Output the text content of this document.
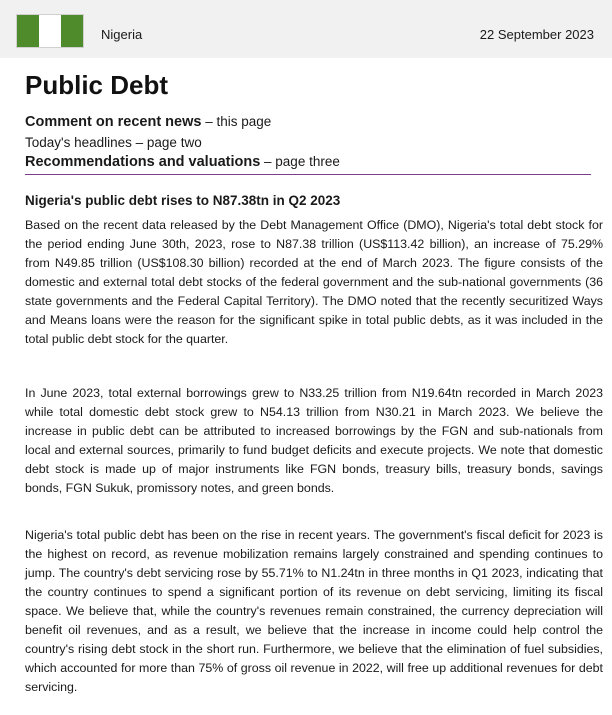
Nigeria	22 September 2023
Public Debt
Comment on recent news – this page
Today's headlines – page two
Recommendations and valuations – page three
Nigeria's public debt rises to N87.38tn in Q2 2023

Based on the recent data released by the Debt Management Office (DMO), Nigeria's total debt stock for the period ending June 30th, 2023, rose to N87.38 trillion (US$113.42 billion), an increase of 75.29% from N49.85 trillion (US$108.30 billion) recorded at the end of March 2023. The figure consists of the domestic and external total debt stocks of the federal government and the sub-national governments (36 state governments and the Federal Capital Territory). The DMO noted that the recently securitized Ways and Means loans were the reason for the significant spike in total public debts, as it was included in the total public debt stock for the quarter.

In June 2023, total external borrowings grew to N33.25 trillion from N19.64tn recorded in March 2023 while total domestic debt stock grew to N54.13 trillion from N30.21 in March 2023. We believe the increase in public debt can be attributed to increased borrowings by the FGN and sub-nationals from local and external sources, primarily to fund budget deficits and execute projects. We note that domestic debt stock is made up of major instruments like FGN bonds, treasury bills, treasury bonds, savings bonds, FGN Sukuk, promissory notes, and green bonds.

Nigeria's total public debt has been on the rise in recent years. The government's fiscal deficit for 2023 is the highest on record, as revenue mobilization remains largely constrained and spending continues to jump. The country's debt servicing rose by 55.71% to N1.24tn in three months in Q1 2023, indicating that the country continues to spend a significant portion of its revenue on debt servicing, limiting its fiscal space. We believe that, while the country's revenues remain constrained, the currency depreciation will benefit oil revenues, and as a result, we believe that the increase in income could help control the country's rising debt stock in the short run. Furthermore, we believe that the elimination of fuel subsidies, which accounted for more than 75% of gross oil revenue in 2022, will free up additional revenues for debt servicing.
